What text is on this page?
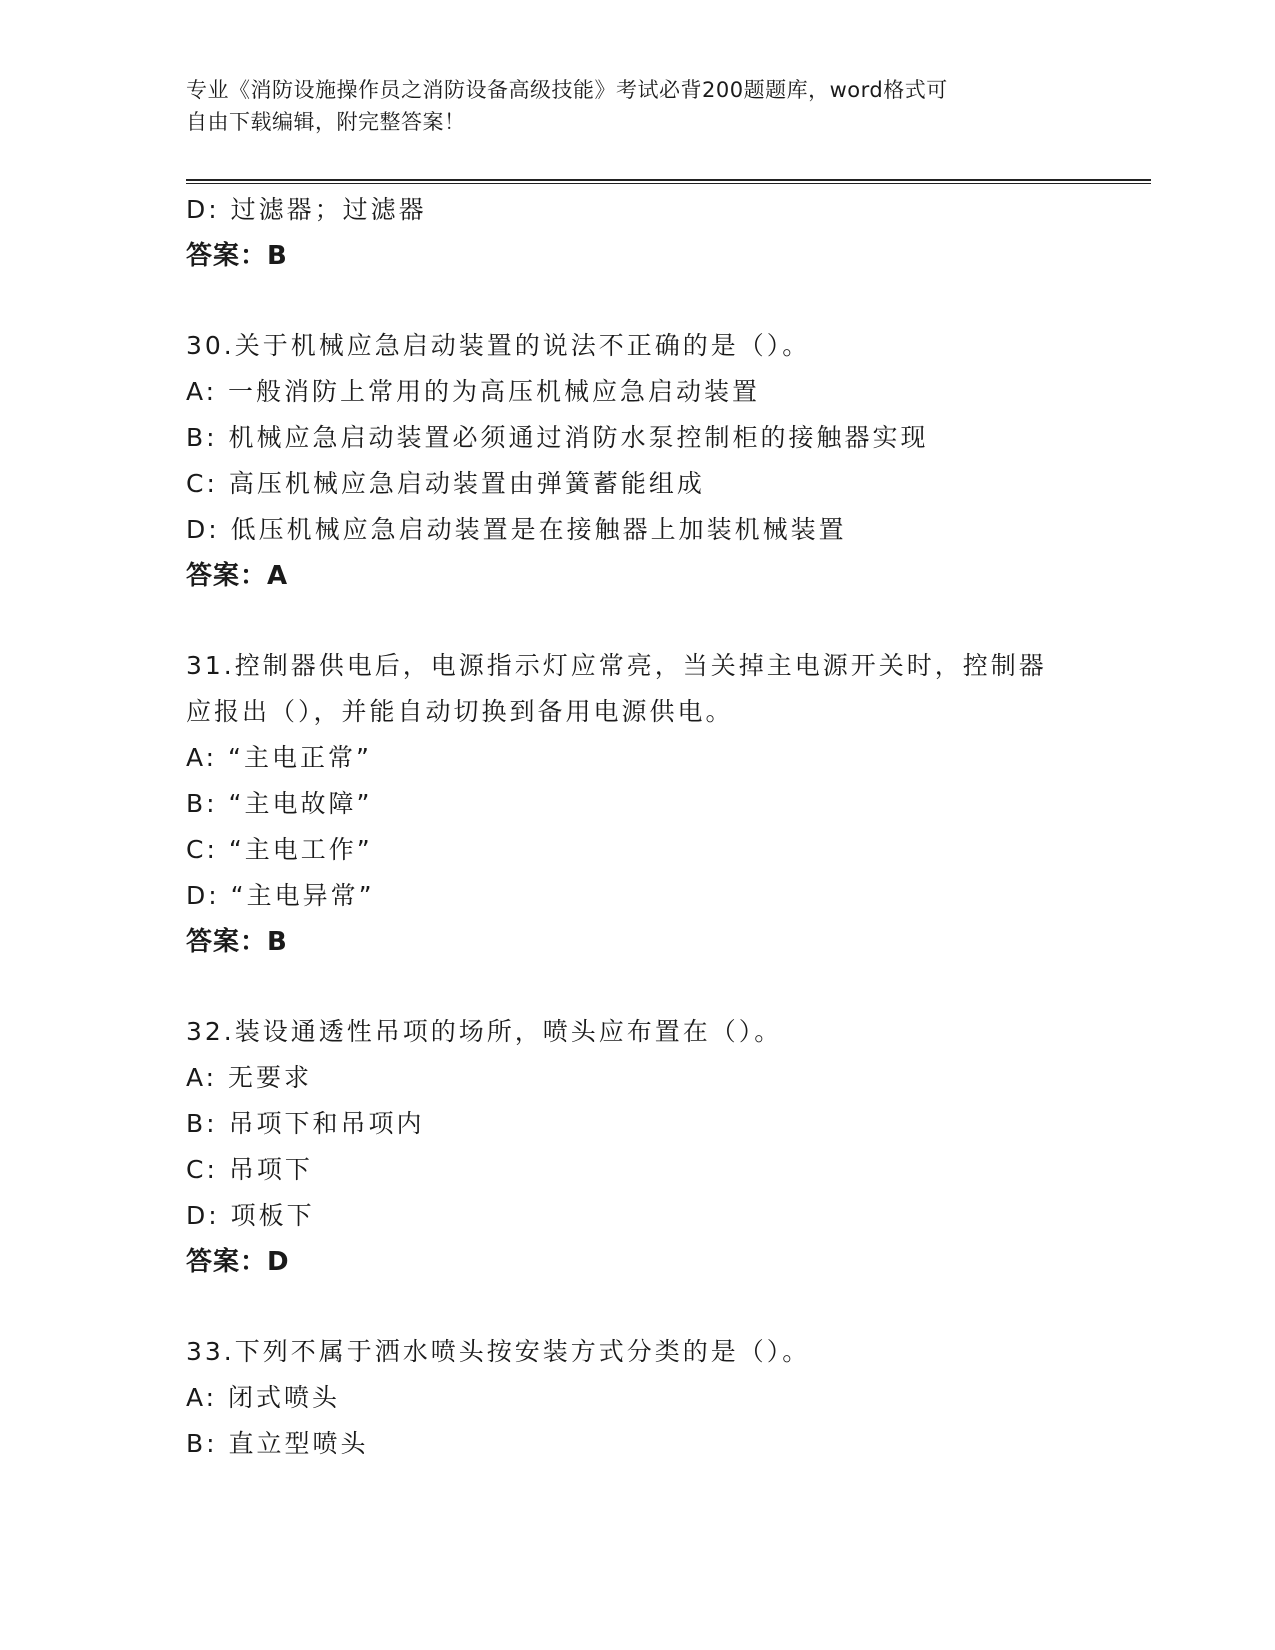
专业《消防设施操作员之消防设备高级技能》考试必背200题题库，word格式可
自由下载编辑，附完整答案！
D: 过滤器；过滤器
答案：B
30.关于机械应急启动装置的说法不正确的是（）。
A: 一般消防上常用的为高压机械应急启动装置
B: 机械应急启动装置必须通过消防水泵控制柜的接触器实现
C: 高压机械应急启动装置由弹簧蓄能组成
D: 低压机械应急启动装置是在接触器上加装机械装置
答案：A
31.控制器供电后，电源指示灯应常亮，当关掉主电源开关时，控制器
应报出（），并能自动切换到备用电源供电。
A: “主电正常”
B: “主电故障”
C: “主电工作”
D: “主电异常”
答案：B
32.装设通透性吊项的场所，喷头应布置在（）。
A: 无要求
B: 吊项下和吊项内
C: 吊项下
D: 项板下
答案：D
33.下列不属于洒水喷头按安装方式分类的是（）。
A: 闭式喷头
B: 直立型喷头
